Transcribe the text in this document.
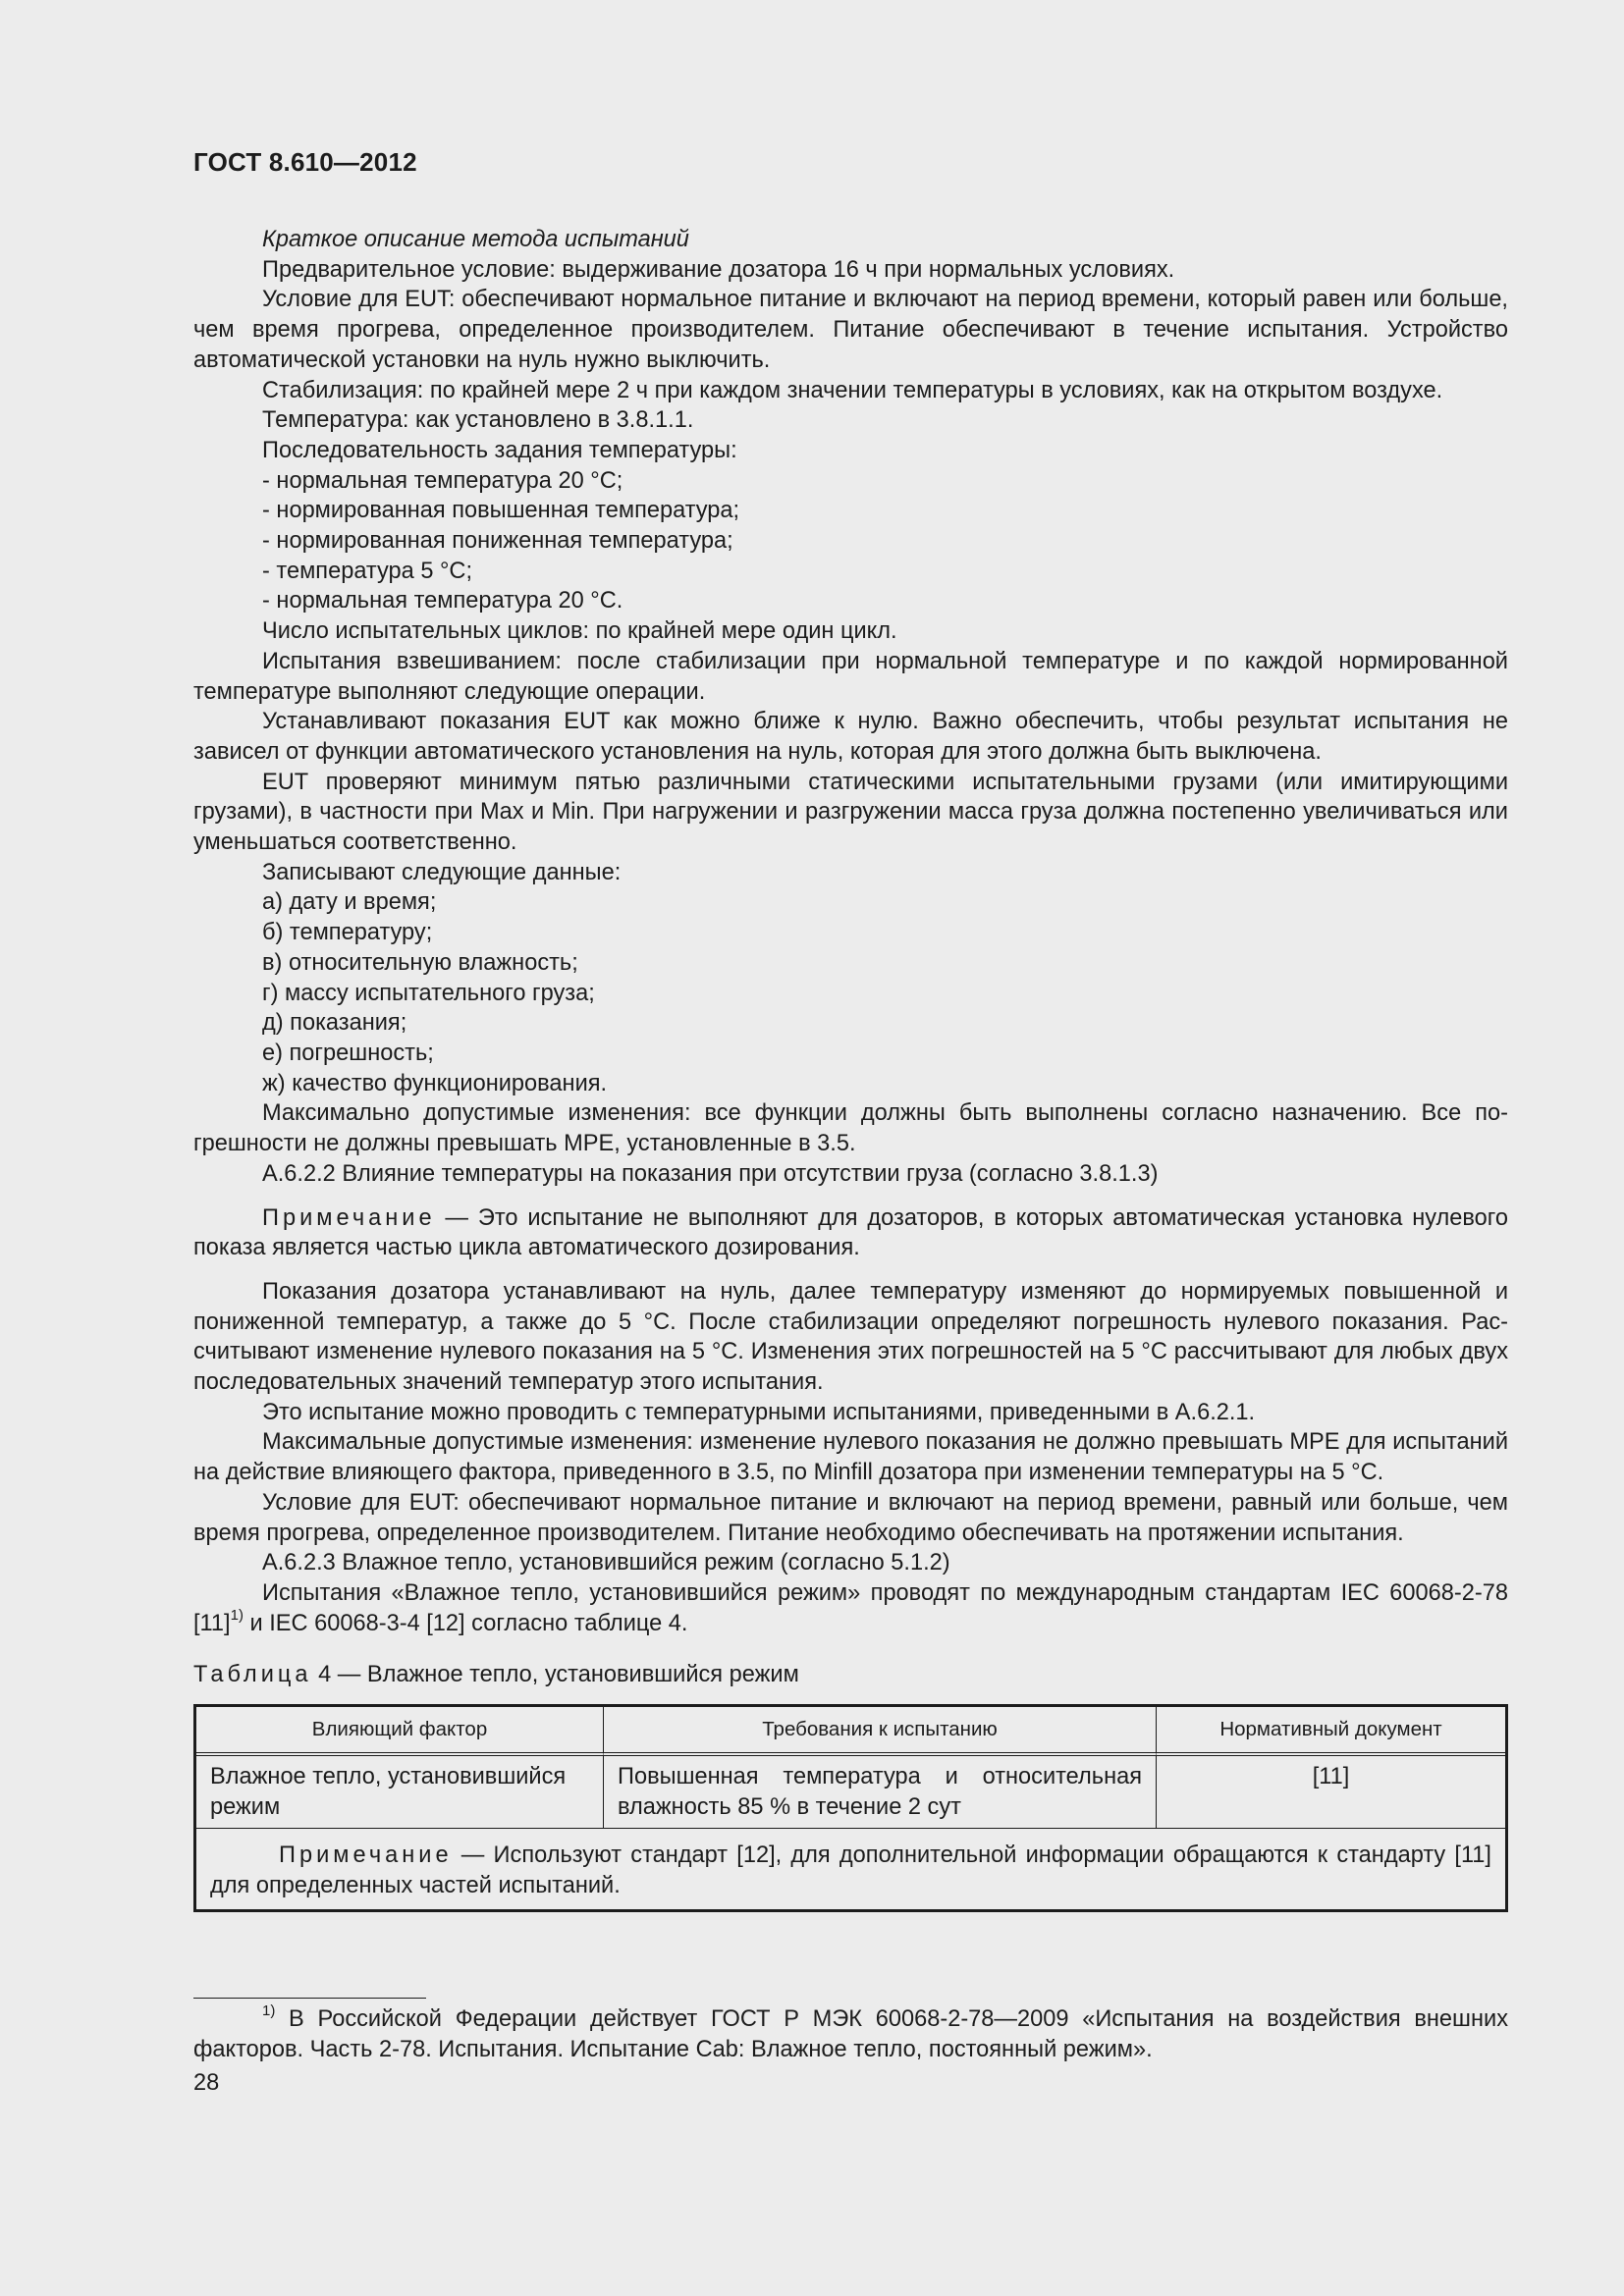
ГОСТ 8.610—2012

Краткое описание метода испытаний

Предварительное условие: выдерживание дозатора 16 ч при нормальных условиях.

Условие для EUT: обеспечивают нормальное питание и включают на период времени, который равен или больше, чем время прогрева, определенное производителем. Питание обеспечивают в течение испытания. Устройство автоматической установки на нуль нужно выключить.

Стабилизация: по крайней мере 2 ч при каждом значении температуры в условиях, как на открытом воздухе.

Температура: как установлено в 3.8.1.1.

Последовательность задания температуры:

- нормальная температура 20 °С;

- нормированная повышенная температура;

- нормированная пониженная температура;

- температура 5 °С;

- нормальная температура 20 °С.

Число испытательных циклов: по крайней мере один цикл.

Испытания взвешиванием: после стабилизации при нормальной температуре и по каждой нормированной температуре выполняют следующие операции.

Устанавливают показания EUT как можно ближе к нулю. Важно обеспечить, чтобы результат испытания не зависел от функции автоматического установления на нуль, которая для этого должна быть выключена.

EUT проверяют минимум пятью различными статическими испытательными грузами (или имитирующими грузами), в частности при Max и Min. При нагружении и разгружении масса груза должна постепенно увеличиваться или уменьшаться соответственно.

Записывают следующие данные:

а) дату и время;

б) температуру;

в) относительную влажность;

г) массу испытательного груза;

д) показания;

е) погрешность;

ж) качество функционирования.

Максимально допустимые изменения: все функции должны быть выполнены согласно назначению. Все погрешности не должны превышать МРЕ, установленные в 3.5.

А.6.2.2 Влияние температуры на показания при отсутствии груза (согласно 3.8.1.3)

Примечание — Это испытание не выполняют для дозаторов, в которых автоматическая установка нулевого показа является частью цикла автоматического дозирования.

Показания дозатора устанавливают на нуль, далее температуру изменяют до нормируемых повышенной и пониженной температур, а также до 5 °С. После стабилизации определяют погрешность нулевого показания. Рассчитывают изменение нулевого показания на 5 °С. Изменения этих погрешностей на 5 °С рассчитывают для любых двух последовательных значений температур этого испытания.

Это испытание можно проводить с температурными испытаниями, приведенными в А.6.2.1.

Максимальные допустимые изменения: изменение нулевого показания не должно превышать МРЕ для испытаний на действие влияющего фактора, приведенного в 3.5, по Minfill дозатора при изменении температуры на 5 °С.

Условие для EUT: обеспечивают нормальное питание и включают на период времени, равный или больше, чем время прогрева, определенное производителем. Питание необходимо обеспечивать на протяжении испытания.

А.6.2.3 Влажное тепло, установившийся режим (согласно 5.1.2)

Испытания «Влажное тепло, установившийся режим» проводят по международным стандартам IEC 60068-2-78 $[11]^{1)}$ и IEC 60068-3-4 [12] согласно таблице 4.

Таблица 4 — Влажное тепло, установившийся режим

Влияющий фактор	Требования к испытанию	Нормативный документ
Влажное тепло, установившийся режим	Повышенная температура и относительная влажность 85 % в течение 2 сут	[11]
Примечание — Используют стандарт [12], для дополнительной информации обращаются к стандарту [11] для определенных частей испытаний.		

$^{1)}$ В Российской Федерации действует ГОСТ Р МЭК 60068-2-78—2009 «Испытания на воздействия внешних факторов. Часть 2-78. Испытания. Испытание Cab: Влажное тепло, постоянный режим».

28
